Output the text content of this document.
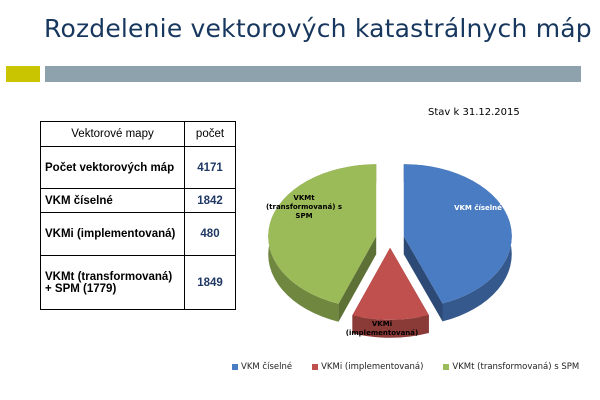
Rozdelenie vektorových katastrálnych máp
Vektorové mapy	počet
Počet vektorových máp	4171
VKM číselné	1842
VKMi (implementovaná)	480
VKMt (transformovaná) + SPM (1779)	1849
Stav k 31.12.2015
VKM číselné
VKMi (implementovaná)
VKMt (transformovaná) s SPM
VKM číselné	VKMi (implementovaná)	VKMt (transformovaná) s SPM
